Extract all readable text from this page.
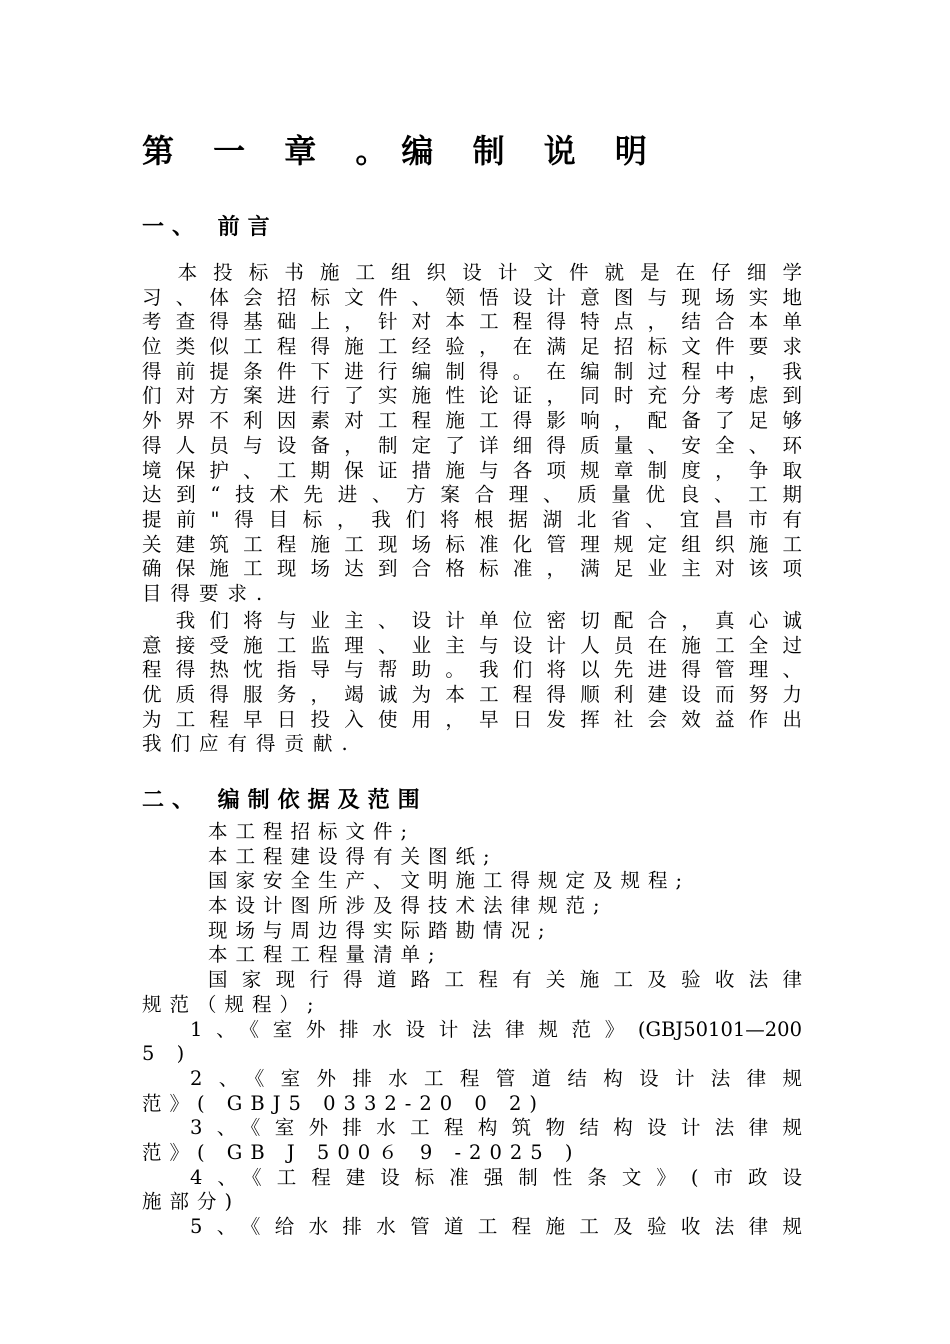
第 一 章 。编 制 说 明
一、 前言
　本投标书施工组织设计文件就是在仔细学
习、体会招标文件、领悟设计意图与现场实地
考查得基础上，针对本工程得特点，结合本单
位类似工程得施工经验，在满足招标文件要求
得前提条件下进行编制得。在编制过程中，我
们对方案进行了实施性论证，同时充分考虑到
外界不利因素对工程施工得影响，配备了足够
得人员与设备，制定了详细得质量、安全、环
境保护、工期保证措施与各项规章制度，争取
达到“技术先进、方案合理、质量优良、工期
提前"得目标，我们将根据湖北省、宜昌市有
关建筑工程施工现场标准化管理规定组织施工
确保施工现场达到合格标准，满足业主对该项
目得要求.
　我们将与业主、设计单位密切配合，真心诚
意接受施工监理、业主与设计人员在施工全过
程得热忱指导与帮助。我们将以先进得管理、
优质得服务，竭诚为本工程得顺利建设而努力
为工程早日投入使用，早日发挥社会效益作出
我们应有得贡献.
二、 编制依据及范围
本工程招标文件;
本工程建设得有关图纸;
国家安全生产、文明施工得规定及规程;
本设计图所涉及得技术法律规范;
现场与周边得实际踏勘情况;
本工程工程量清单;
国家现行得道路工程有关施工及验收法律
规范（规程）;
1、《室外排水设计法律规范》(GBJ50101—200
5 )
2、《室外排水工程管道结构设计法律规
范》( GBJ5 0332-20 0 2)
3、《室外排水工程构筑物结构设计法律规
范》( GB J 500６ 9 -2025 )
4、《工程建设标准强制性条文》(市政设
施部分)
5、《给水排水管道工程施工及验收法律规
